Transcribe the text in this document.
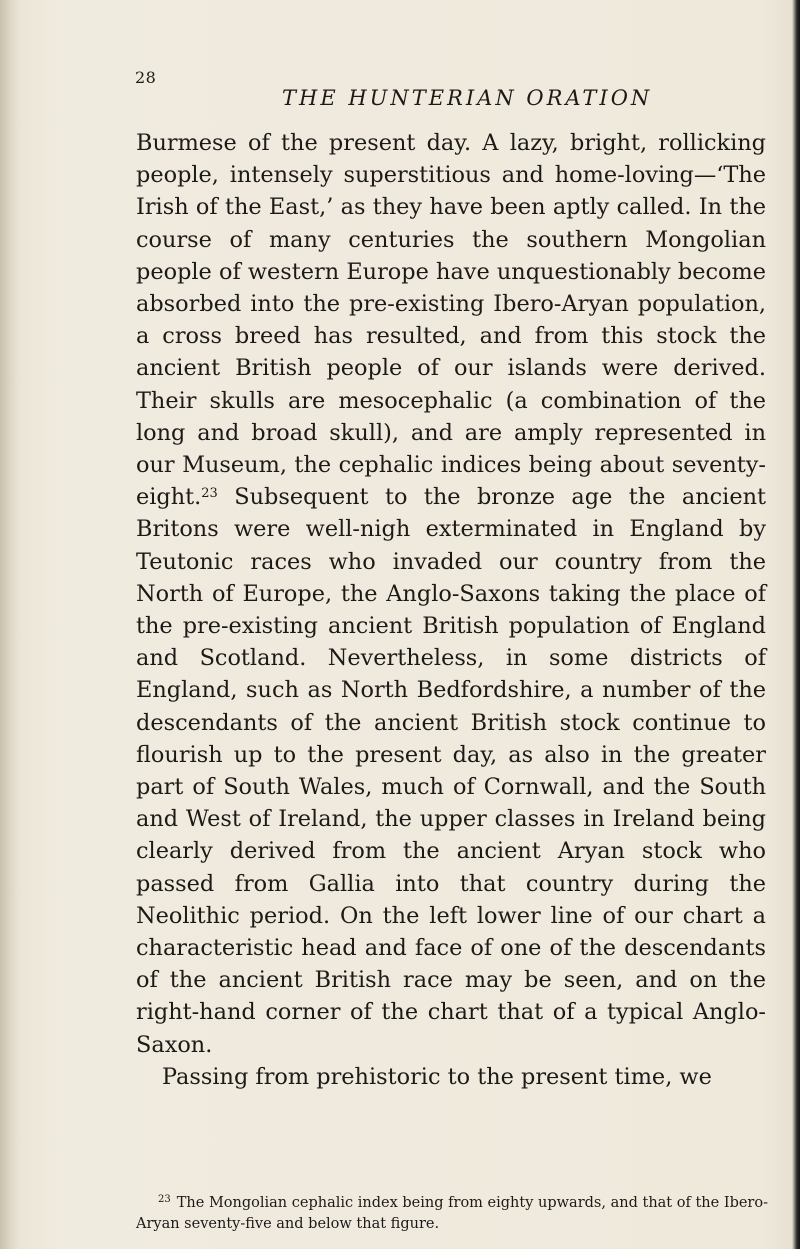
28
THE HUNTERIAN ORATION

Burmese of the present day. A lazy, bright, rollicking people, intensely superstitious and home-loving—‘The Irish of the East,’ as they have been aptly called. In the course of many centuries the southern Mongolian people of western Europe have unquestionably become absorbed into the pre-existing Ibero-Aryan population, a cross breed has resulted, and from this stock the ancient British people of our islands were derived. Their skulls are mesocephalic (a combination of the long and broad skull), and are amply represented in our Museum, the cephalic indices being about seventy-eight.$^{23}$ Subsequent to the bronze age the ancient Britons were well-nigh exterminated in England by Teutonic races who invaded our country from the North of Europe, the Anglo-Saxons taking the place of the pre-existing ancient British population of England and Scotland. Nevertheless, in some districts of England, such as North Bedfordshire, a number of the descendants of the ancient British stock continue to flourish up to the present day, as also in the greater part of South Wales, much of Cornwall, and the South and West of Ireland, the upper classes in Ireland being clearly derived from the ancient Aryan stock who passed from Gallia into that country during the Neolithic period. On the left lower line of our chart a characteristic head and face of one of the descendants of the ancient British race may be seen, and on the right-hand corner of the chart that of a typical Anglo-Saxon.

Passing from prehistoric to the present time, we

$^{23}$ The Mongolian cephalic index being from eighty upwards, and that of the Ibero-Aryan seventy-five and below that figure.
